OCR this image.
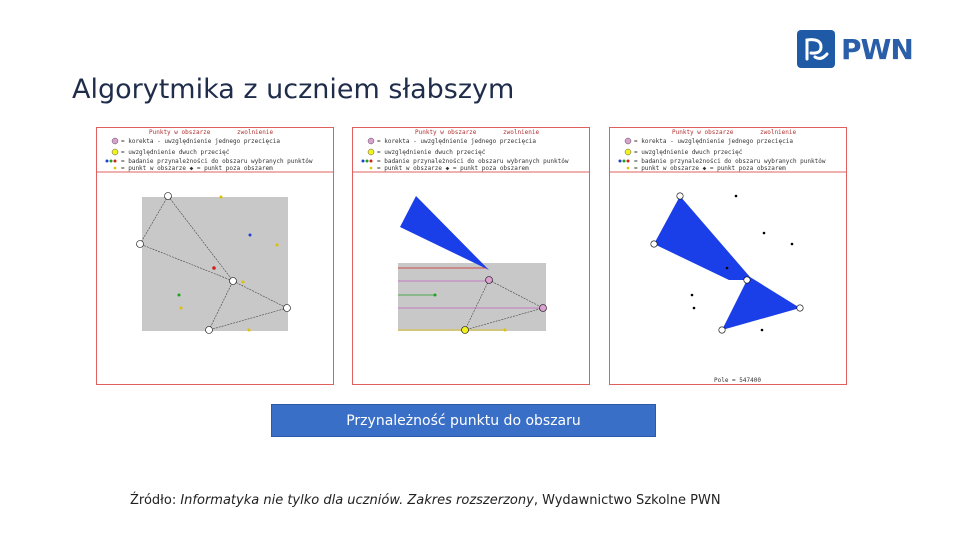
PWN
Algorytmika z uczniem słabszym
Punkty w obszarze	zwolnienie
= korekta - uwzględnienie jednego przecięcia
= uwzględnienie dwuch przecięć
= badanie przynależności do obszaru wybranych punktów
= punkt w obszarze ◆ = punkt poza obszarem
Punkty w obszarze	zwolnienie
= korekta - uwzględnienie jednego przecięcia
= uwzględnienie dwuch przecięć
= badanie przynależności do obszaru wybranych punktów
= punkt w obszarze ◆ = punkt poza obszarem
Punkty w obszarze	zwolnienie
= korekta - uwzględnienie jednego przecięcia
= uwzględnienie dwuch przecięć
= badanie przynależności do obszaru wybranych punktów
= punkt w obszarze ◆ = punkt poza obszarem
Pole = 547400
Przynależność punktu do obszaru
Źródło: Informatyka nie tylko dla uczniów. Zakres rozszerzony, Wydawnictwo Szkolne PWN
